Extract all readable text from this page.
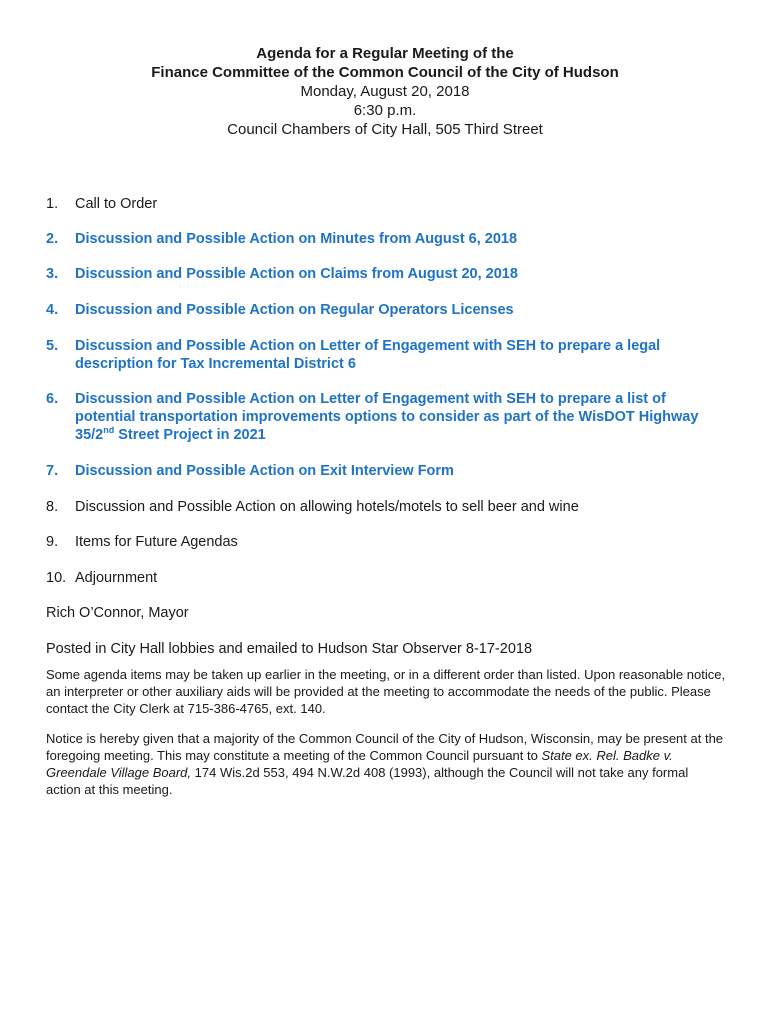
Agenda for a Regular Meeting of the
Finance Committee of the Common Council of the City of Hudson
Monday, August 20, 2018
6:30 p.m.
Council Chambers of City Hall, 505 Third Street
1.	Call to Order
2.	Discussion and Possible Action on Minutes from August 6, 2018
3.	Discussion and Possible Action on Claims from August 20, 2018
4.	Discussion and Possible Action on Regular Operators Licenses
5.	Discussion and Possible Action on Letter of Engagement with SEH to prepare a legal description for Tax Incremental District 6
6.	Discussion and Possible Action on Letter of Engagement with SEH to prepare a list of potential transportation improvements options to consider as part of the WisDOT Highway 35/2nd Street Project in 2021
7.	Discussion and Possible Action on Exit Interview Form
8.	Discussion and Possible Action on allowing hotels/motels to sell beer and wine
9.	Items for Future Agendas
10. Adjournment
Rich O’Connor, Mayor
Posted in City Hall lobbies and emailed to Hudson Star Observer 8-17-2018
Some agenda items may be taken up earlier in the meeting, or in a different order than listed. Upon reasonable notice, an interpreter or other auxiliary aids will be provided at the meeting to accommodate the needs of the public. Please contact the City Clerk at 715-386-4765, ext. 140.
Notice is hereby given that a majority of the Common Council of the City of Hudson, Wisconsin, may be present at the foregoing meeting. This may constitute a meeting of the Common Council pursuant to State ex. Rel. Badke v. Greendale Village Board, 174 Wis.2d 553, 494 N.W.2d 408 (1993), although the Council will not take any formal action at this meeting.
